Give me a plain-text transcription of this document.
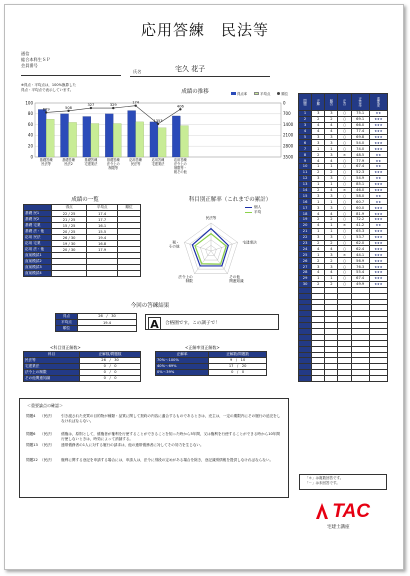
応用答練　民法等
通信
総合本科生ＳＰ
会員番号
氏名	宅久 花子
※得点・平均点は，100%換算した
得点・平均点で表示しています。	成績の推移	得点率	平均点	順位
100	0
80	700
60	1400
40	2100
20	2800
0	3500
609	508
327	329
174
1353
406
基礎答練
民法等
基礎答練
民法2
基礎答練
宅建業法
基礎答練
法令上の
制限等
応用答練
民法等
応用答練
宅建業法
応用答練
法令上の
制限等・
税その他
成績の一覧
	得点	平均点	順位
基礎 民1	22 / 25	17.4	
基礎 民2	21 / 25	17.7	
基礎 宅業	15 / 25	16.1	
基礎 法・他	20 / 25	15.5	
応用 民法	26 / 30	19.4	
応用 宅業	19 / 30	16.8	
応用 法・他	20 / 30	17.9	
直前模試1			
直前模試2			
直前模試3			
直前模試4			
科目別正解率（これまでの累計）
個人
平均
民法等
宅建業法
その他
関連知識
法令上の
制限
税・
その他
今回の答練結果
得点	26　/　30
平均点	19.4
順位		A	合格圏です。この調子で！
<科目別正解数>
科目	正解数/問題数
民法等	26　/　30
宅建業法	0　/　0
法令上の制限	0　/　0
その他関連知識	0　/　0
<正解率別正解数>
正解率	正解数/問題数
70%～100%	9　/　10
40%～69%	17　/　20
0%～39%	0　/　0
＜重要論点の確認＞
問題4 （民法） 引き渡された売買の目的物が種類・品質に関して契約の内容に適合するものであるときは，売主は，一定の期限内にその履行の追完をしなければならない。
問題6 （民法） 債権は，原則として，債権者が権利を行使することができることを知った時から5年間，又は権利を行使することができる時から10年間行使しないときは，時効によって消滅する。
問題13 （民法） 連帯債務者の1人に対する履行の請求は，他の連帯債務者に対してその効力を生じない。
問題22 （民法） 権利に関する登記を申請する場合には，申請人は，法令に別段の定めがある場合を除き，登記識別情報を提供しなければならない。
問題	正解	解答	正否	正答率	重要度
1	3	3	○	75.1	★★
2	2	2	○	69.1	★★★
3	4	4	○	66.0	★★★
4	4	4	○	77.4	★★★
5	3	3	○	69.8	★★★
6	3	3	○	54.0	★★★
7	1	1	○	74.0	★★★
8	2	3	×	48.5	★★
9	4	4	○	77.9	★★
10	1	1	○	67.4	★★
11	2	2	○	52.3	★★★
12	3	3	○	54.9	★★
13	1	1	○	85.1	★★★
14	2	4	×	46.0	★★★
15	3	3	○	58.0	★★
16	1	1	○	60.7	★★
17	3	3	○	60.0	★★★
18	4	4	○	81.9	★★★
19	2	2	○	72.2	★★★
20	4	1	×	41.2	★★
21	1	1	○	65.3	★★★
22	3	3	○	53.7	★★★
23	2	2	○	62.0	★★★
24	4	4	○	62.4	★★★
25	1	3	×	44.1	★★★
26	2	2	○	56.9	★★★
27	3	3	○	76.3	★★★
28	4	4	○	55.4	★★★
29	1	1	○	67.4	★★★
30	2	2	○	49.9	★★★

「＊」は複数回答です。
「－」は未回答です。
TAC
宅建士講座
